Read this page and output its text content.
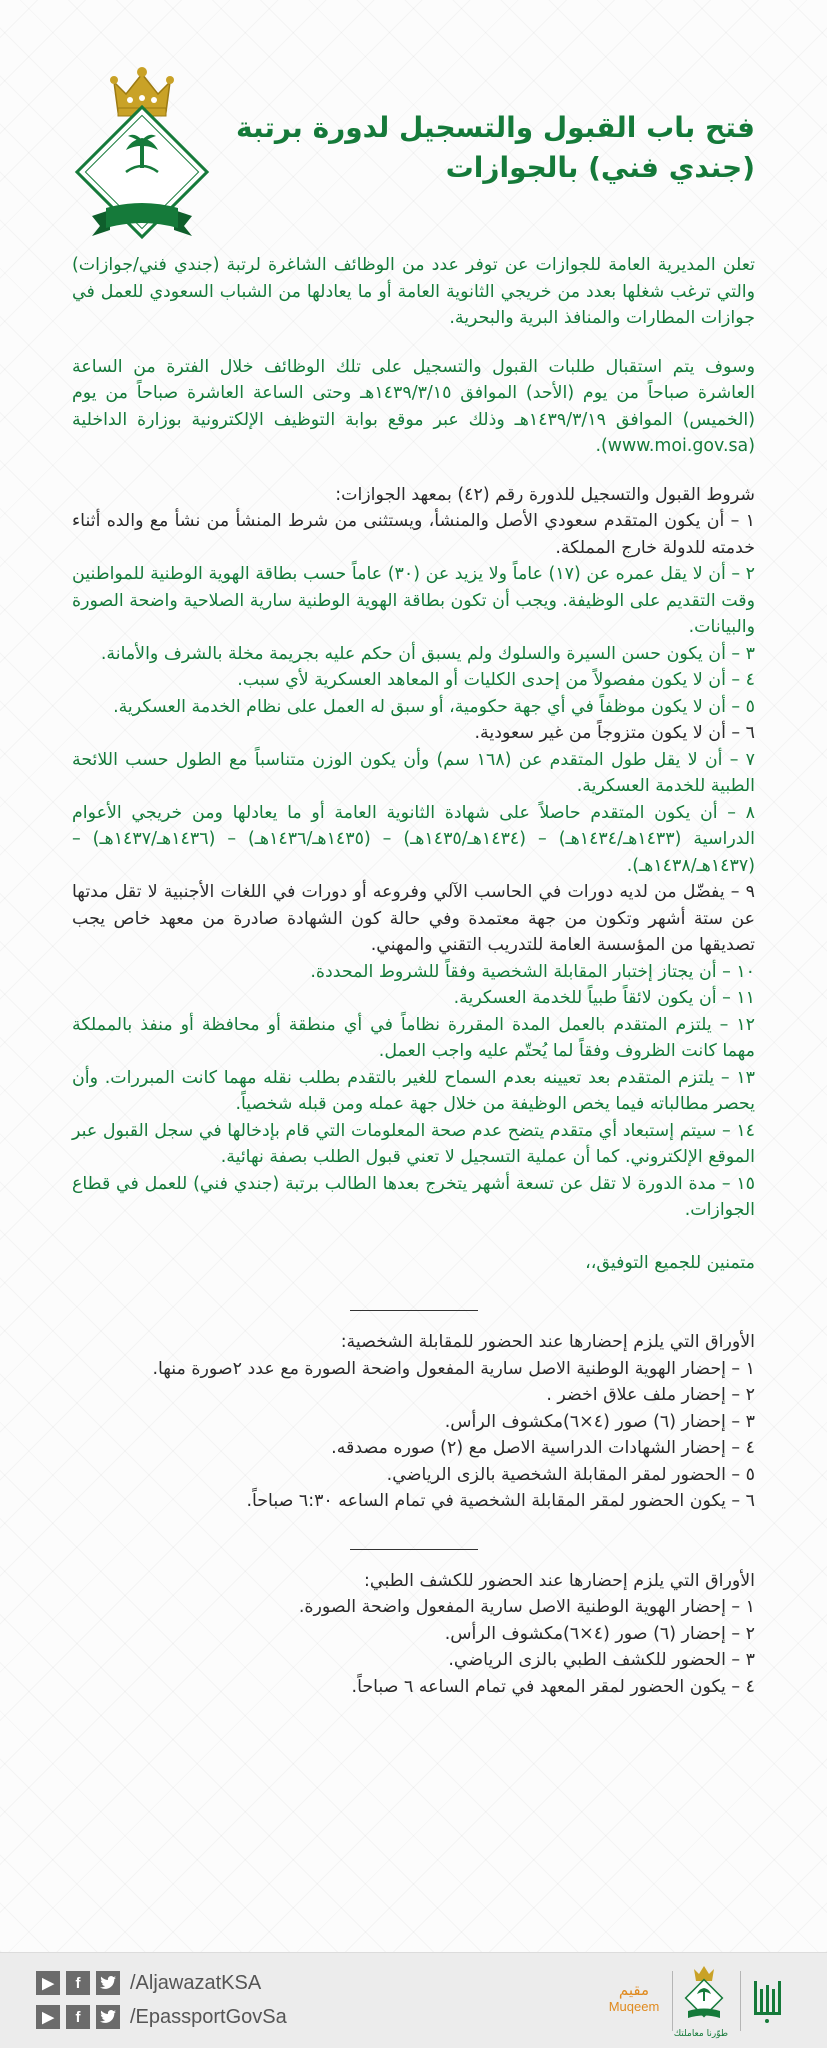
فتح باب القبول والتسجيل لدورة برتبة
(جندي فني) بالجوازات

تعلن المديرية العامة للجوازات عن توفر عدد من الوظائف الشاغرة لرتبة (جندي فني/جوازات) والتي ترغب شغلها بعدد من خريجي الثانوية العامة أو ما يعادلها من الشباب السعودي للعمل في جوازات المطارات والمنافذ البرية والبحرية.

وسوف يتم استقبال طلبات القبول والتسجيل على تلك الوظائف خلال الفترة من الساعة العاشرة صباحاً من يوم (الأحد) الموافق ١٤٣٩/٣/١٥هـ وحتى الساعة العاشرة صباحاً من يوم (الخميس) الموافق ١٤٣٩/٣/١٩هـ وذلك عبر موقع بوابة التوظيف الإلكترونية بوزارة الداخلية (www.moi.gov.sa).

شروط القبول والتسجيل للدورة رقم (٤٢) بمعهد الجوازات:

١ – أن يكون المتقدم سعودي الأصل والمنشأ، ويستثنى من شرط المنشأ من نشأ مع والده أثناء خدمته للدولة خارج المملكة.

٢ – أن لا يقل عمره عن (١٧) عاماً ولا يزيد عن (٣٠) عاماً حسب بطاقة الهوية الوطنية للمواطنين وقت التقديم على الوظيفة. ويجب أن تكون بطاقة الهوية الوطنية سارية الصلاحية واضحة الصورة والبيانات.

٣ – أن يكون حسن السيرة والسلوك ولم يسبق أن حكم عليه بجريمة مخلة بالشرف والأمانة.

٤ – أن لا يكون مفصولاً من إحدى الكليات أو المعاهد العسكرية لأي سبب.

٥ – أن لا يكون موظفاً في أي جهة حكومية، أو سبق له العمل على نظام الخدمة العسكرية.

٦ – أن لا يكون متزوجاً من غير سعودية.

٧ – أن لا يقل طول المتقدم عن (١٦٨ سم) وأن يكون الوزن متناسباً مع الطول حسب اللائحة الطبية للخدمة العسكرية.

٨ – أن يكون المتقدم حاصلاً على شهادة الثانوية العامة أو ما يعادلها ومن خريجي الأعوام الدراسية (١٤٣٣هـ/١٤٣٤هـ) – (١٤٣٤هـ/١٤٣٥هـ) – (١٤٣٥هـ/١٤٣٦هـ) – (١٤٣٦هـ/١٤٣٧هـ) – (١٤٣٧هـ/١٤٣٨هـ).

٩ – يفضّل من لديه دورات في الحاسب الآلي وفروعه أو دورات في اللغات الأجنبية لا تقل مدتها عن ستة أشهر وتكون من جهة معتمدة وفي حالة كون الشهادة صادرة من معهد خاص يجب تصديقها من المؤسسة العامة للتدريب التقني والمهني.

١٠ – أن يجتاز إختبار المقابلة الشخصية وفقاً للشروط المحددة.

١١ – أن يكون لائقاً طبياً للخدمة العسكرية.

١٢ – يلتزم المتقدم بالعمل المدة المقررة نظاماً في أي منطقة أو محافظة أو منفذ بالمملكة مهما كانت الظروف وفقاً لما يُحتّم عليه واجب العمل.

١٣ – يلتزم المتقدم بعد تعيينه بعدم السماح للغير بالتقدم بطلب نقله مهما كانت المبررات. وأن يحصر مطالباته فيما يخص الوظيفة من خلال جهة عمله ومن قبله شخصياً.

١٤ – سيتم إستبعاد أي متقدم يتضح عدم صحة المعلومات التي قام بإدخالها في سجل القبول عبر الموقع الإلكتروني. كما أن عملية التسجيل لا تعني قبول الطلب بصفة نهائية.

١٥ – مدة الدورة لا تقل عن تسعة أشهر يتخرج بعدها الطالب برتبة (جندي فني) للعمل في قطاع الجوازات.

متمنين للجميع التوفيق،،

الأوراق التي يلزم إحضارها عند الحضور للمقابلة الشخصية:

١ – إحضار الهوية الوطنية الاصل سارية المفعول واضحة الصورة مع عدد ٢صورة منها.

٢ – إحضار ملف علاق اخضر .

٣ – إحضار (٦) صور (٤×٦)مكشوف الرأس.

٤ – إحضار الشهادات الدراسية الاصل مع (٢) صوره مصدقه.

٥ – الحضور لمقر المقابلة الشخصية بالزى الرياضي.

٦ – يكون الحضور لمقر المقابلة الشخصية في تمام الساعه ٦:٣٠ صباحاً.

الأوراق التي يلزم إحضارها عند الحضور للكشف الطبي:

١ – إحضار الهوية الوطنية الاصل سارية المفعول واضحة الصورة.

٢ – إحضار (٦) صور (٤×٦)مكشوف الرأس.

٣ – الحضور للكشف الطبي بالزى الرياضي.

٤ – يكون الحضور لمقر المعهد في تمام الساعه ٦ صباحاً.

▶	f	/AljawazatKSA
▶	f	/EpassportGovSa
مقيم
Muqeem
طوّرنا معاملتك
